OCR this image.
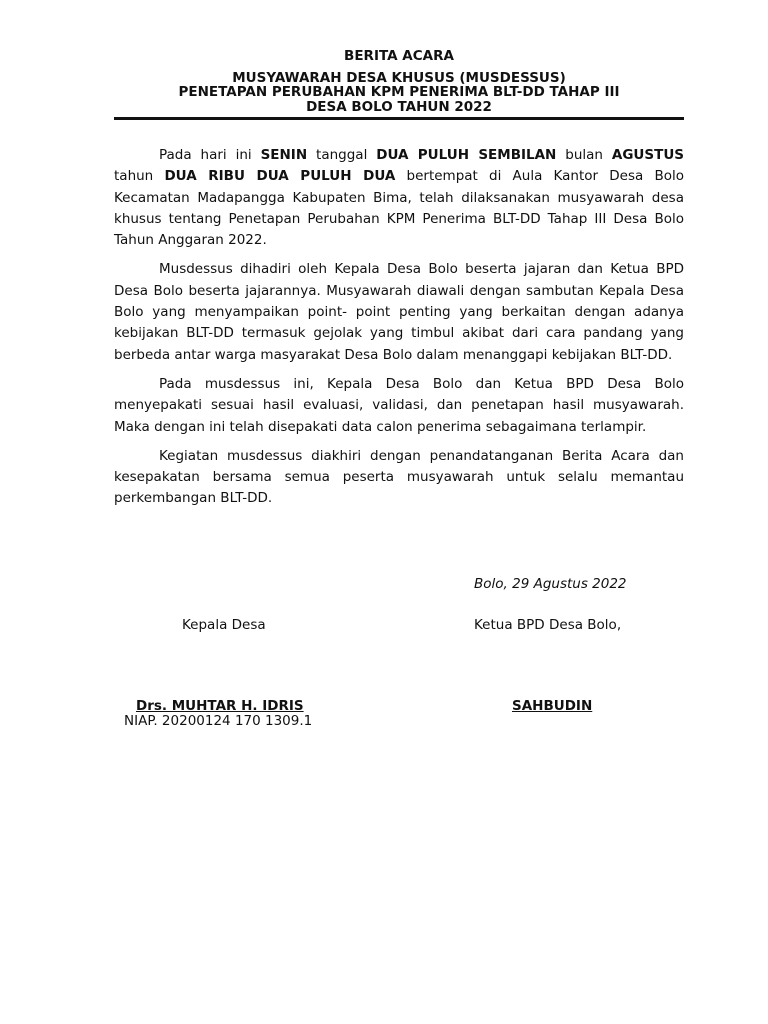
BERITA ACARA
MUSYAWARAH DESA KHUSUS (MUSDESSUS)
PENETAPAN PERUBAHAN KPM PENERIMA BLT-DD TAHAP III
DESA BOLO TAHUN 2022

Pada hari ini SENIN tanggal DUA PULUH SEMBILAN bulan AGUSTUS tahun DUA RIBU DUA PULUH DUA bertempat di Aula Kantor Desa Bolo Kecamatan Madapangga Kabupaten Bima, telah dilaksanakan musyawarah desa khusus tentang Penetapan Perubahan KPM Penerima BLT-DD Tahap III Desa Bolo Tahun Anggaran 2022.

Musdessus dihadiri oleh Kepala Desa Bolo beserta jajaran dan Ketua BPD Desa Bolo beserta jajarannya. Musyawarah diawali dengan sambutan Kepala Desa Bolo yang menyampaikan point- point penting yang berkaitan dengan adanya kebijakan BLT-DD termasuk gejolak yang timbul akibat dari cara pandang yang berbeda antar warga masyarakat Desa Bolo dalam menanggapi kebijakan BLT-DD.

Pada musdessus ini, Kepala Desa Bolo dan Ketua BPD Desa Bolo menyepakati sesuai hasil evaluasi, validasi, dan penetapan hasil musyawarah. Maka dengan ini telah disepakati data calon penerima sebagaimana terlampir.

Kegiatan musdessus diakhiri dengan penandatanganan Berita Acara dan kesepakatan bersama semua peserta musyawarah untuk selalu memantau perkembangan BLT-DD.

Bolo, 29 Agustus 2022
Kepala Desa	Ketua BPD Desa Bolo,
Drs. MUHTAR H. IDRIS
NIAP. 20200124 170 1309.1
SAHBUDIN
